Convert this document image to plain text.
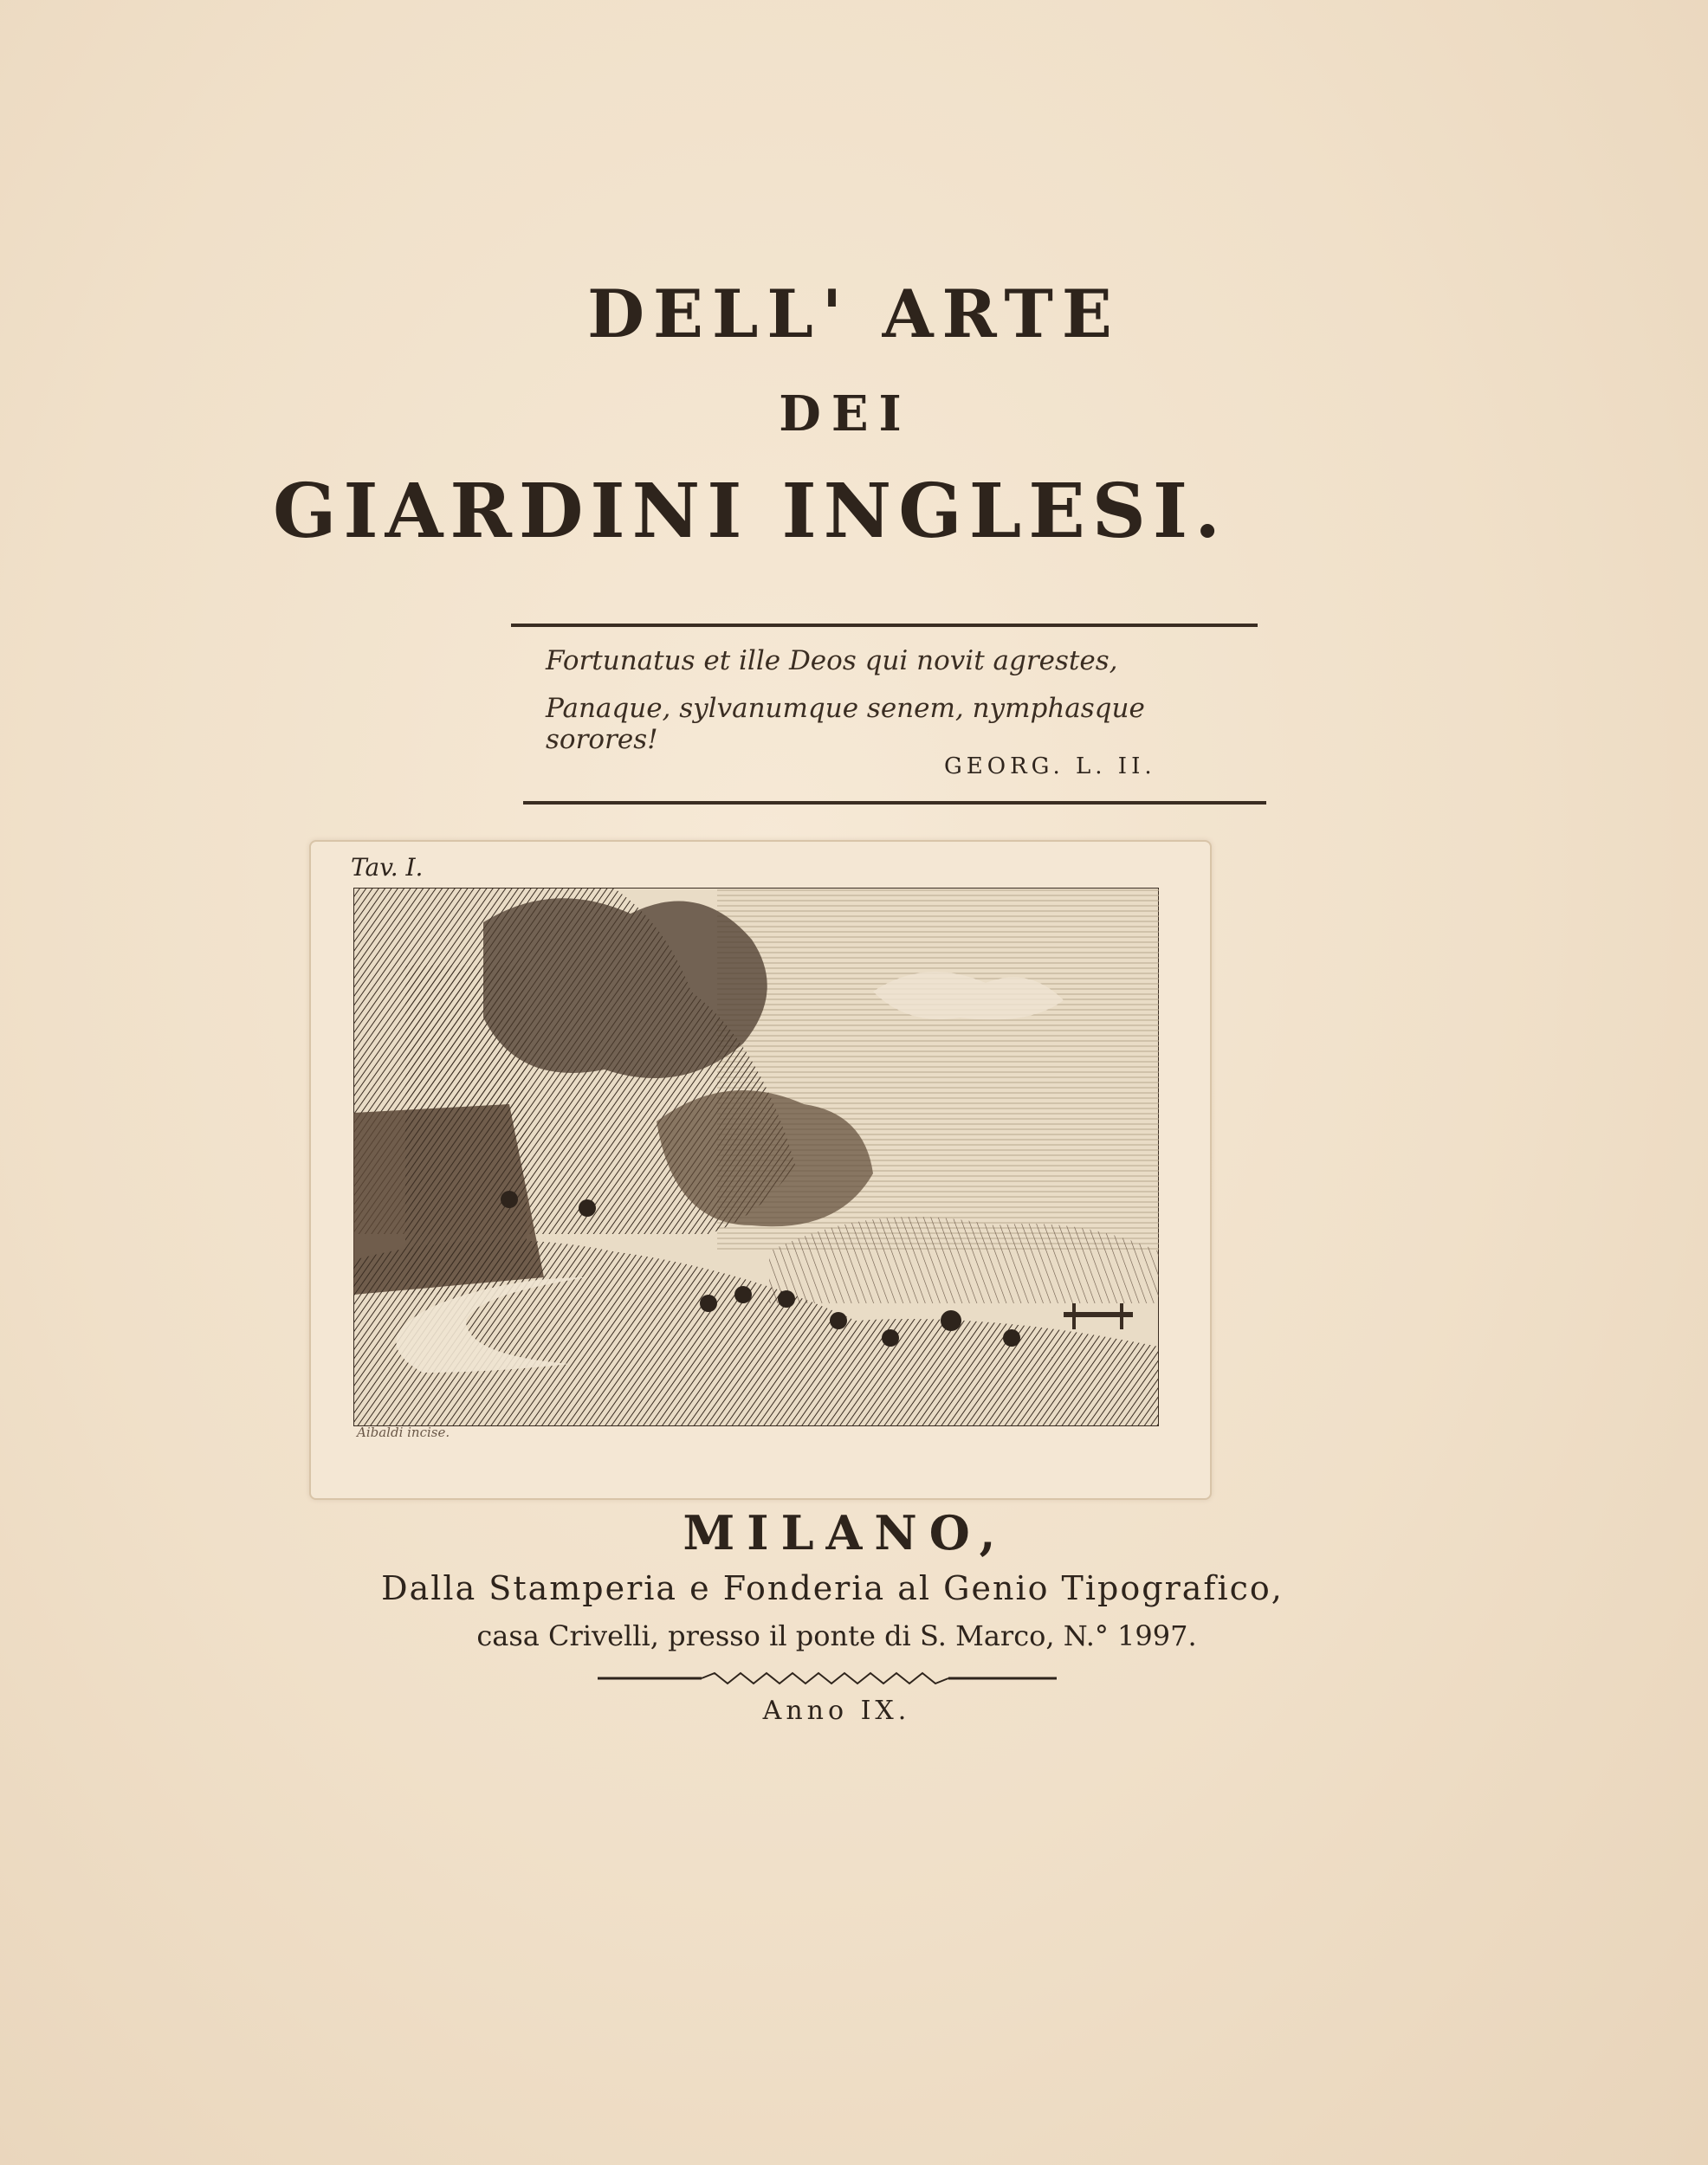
DELL' ARTE
DEI
GIARDINI INGLESI.
Fortunatus et ille Deos qui novit agrestes,
Panaque, sylvanumque senem, nymphasque sorores!
GEORG. L. II.
Tav. I.
Aibaldi incise.
MILANO,
Dalla Stamperia e Fonderia al Genio Tipografico,
casa Crivelli, presso il ponte di S. Marco, N.° 1997.
Anno IX.
